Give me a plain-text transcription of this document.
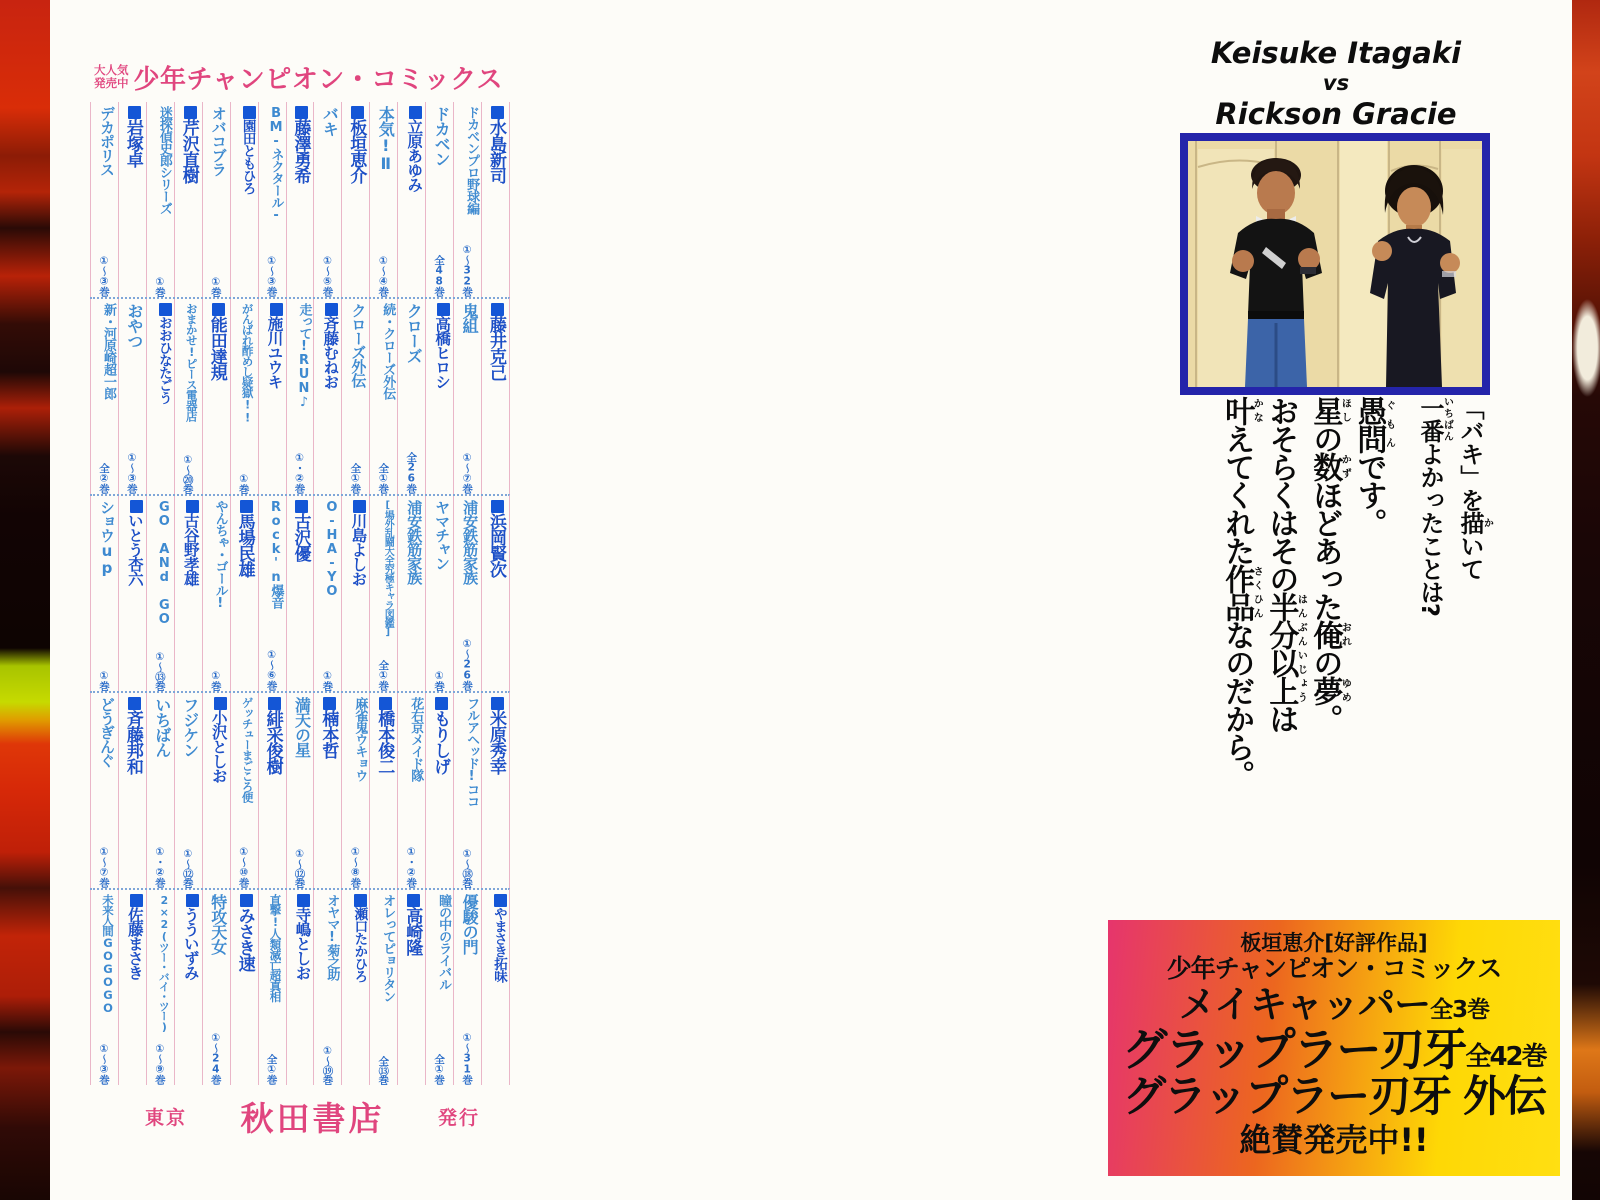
大人気
発売中 少年チャンピオン・コミックス
水島新司
ドカベンプロ野球編
①〜32巻
ドカベン
全48巻
立原あゆみ
本気!Ⅱ
①〜④巻
板垣恵介
バキ
①〜⑤巻
藤澤勇希
BM-ネクタール-
①〜③巻
園田ともひろ
オバコブラ
①巻
芹沢直樹
迷探偵史郎シリーズ
①巻
岩塚卓
デカポリス
①〜③巻
藤井克己
鬼組
①〜⑦巻
高橋ヒロシ
クローズ
全26巻
続・クローズ外伝
全①巻
クローズ外伝
全①巻
斉藤むねお
走って!RUN♪
①・②巻
施川ユウキ
がんばれ酢めし疑獄!!
①巻
能田達規
おまかせ!ピース電器店
①〜⑳巻
おおひなたごう
おやつ
①〜③巻
新・河原崎超一郎
全②巻
浜岡賢次
浦安鉄筋家族
①〜26巻
ヤマチャン
①巻
浦安鉄筋家族
[場外乱闘大全究極キャラ図鑑]
全①巻
川島よしお
O-HA-YO
①巻
古沢優
Rock'n爆音
①〜⑥巻
馬場民雄
やんちゃ・ゴール!
①巻
古谷野孝雄
GO ANd GO
①〜⑬巻
いとう杏六
ショウup
①巻
米原秀幸
フルアヘッド!ココ
①〜⑱巻
もりしげ
花右京メイド隊
①・②巻
橋本俊二
麻雀鬼ウキョウ
①〜⑧巻
楠本哲
満天の星
①〜⑫巻
緋采俊樹
ゲッチューまごころ便
①〜⑩巻
小沢としお
フジケン
①〜⑫巻
いちばん
①・②巻
斉藤邦和
どうぎんぐ
①〜⑦巻
やまさき拓味
優駿の門
①〜31巻
瞳の中のライバル
全①巻
高崎隆
オレってピョリタン
全⑬巻
瀬口たかひろ
オヤマ!菊之助
①〜⑲巻
寺嶋としお
直撃!人類滅亡超真相
全①巻
みさき速
特攻天女
①〜24巻
うういずみ
2×2(ツー・バイ・ツー)
①〜⑨巻
佐藤まさき
未来人間GOGOGO
①〜③巻
東京 秋田書店	発行
Keisuke Itagaki
vs
Rickson Gracie
「バキ」を描かいて
一番いちばんよかったことは?
愚問ぐもんです。
星ほしの数かずほどあった俺おれの夢ゆめ。
おそらくはその半分以上はんぶんいじょうは
叶かなえてくれた作品さくひんなのだから。
板垣恵介[好評作品]
少年チャンピオン・コミックス
メイキャッパー全3巻
グラップラー刃牙全42巻
グラップラー刃牙 外伝
絶賛発売中!!
